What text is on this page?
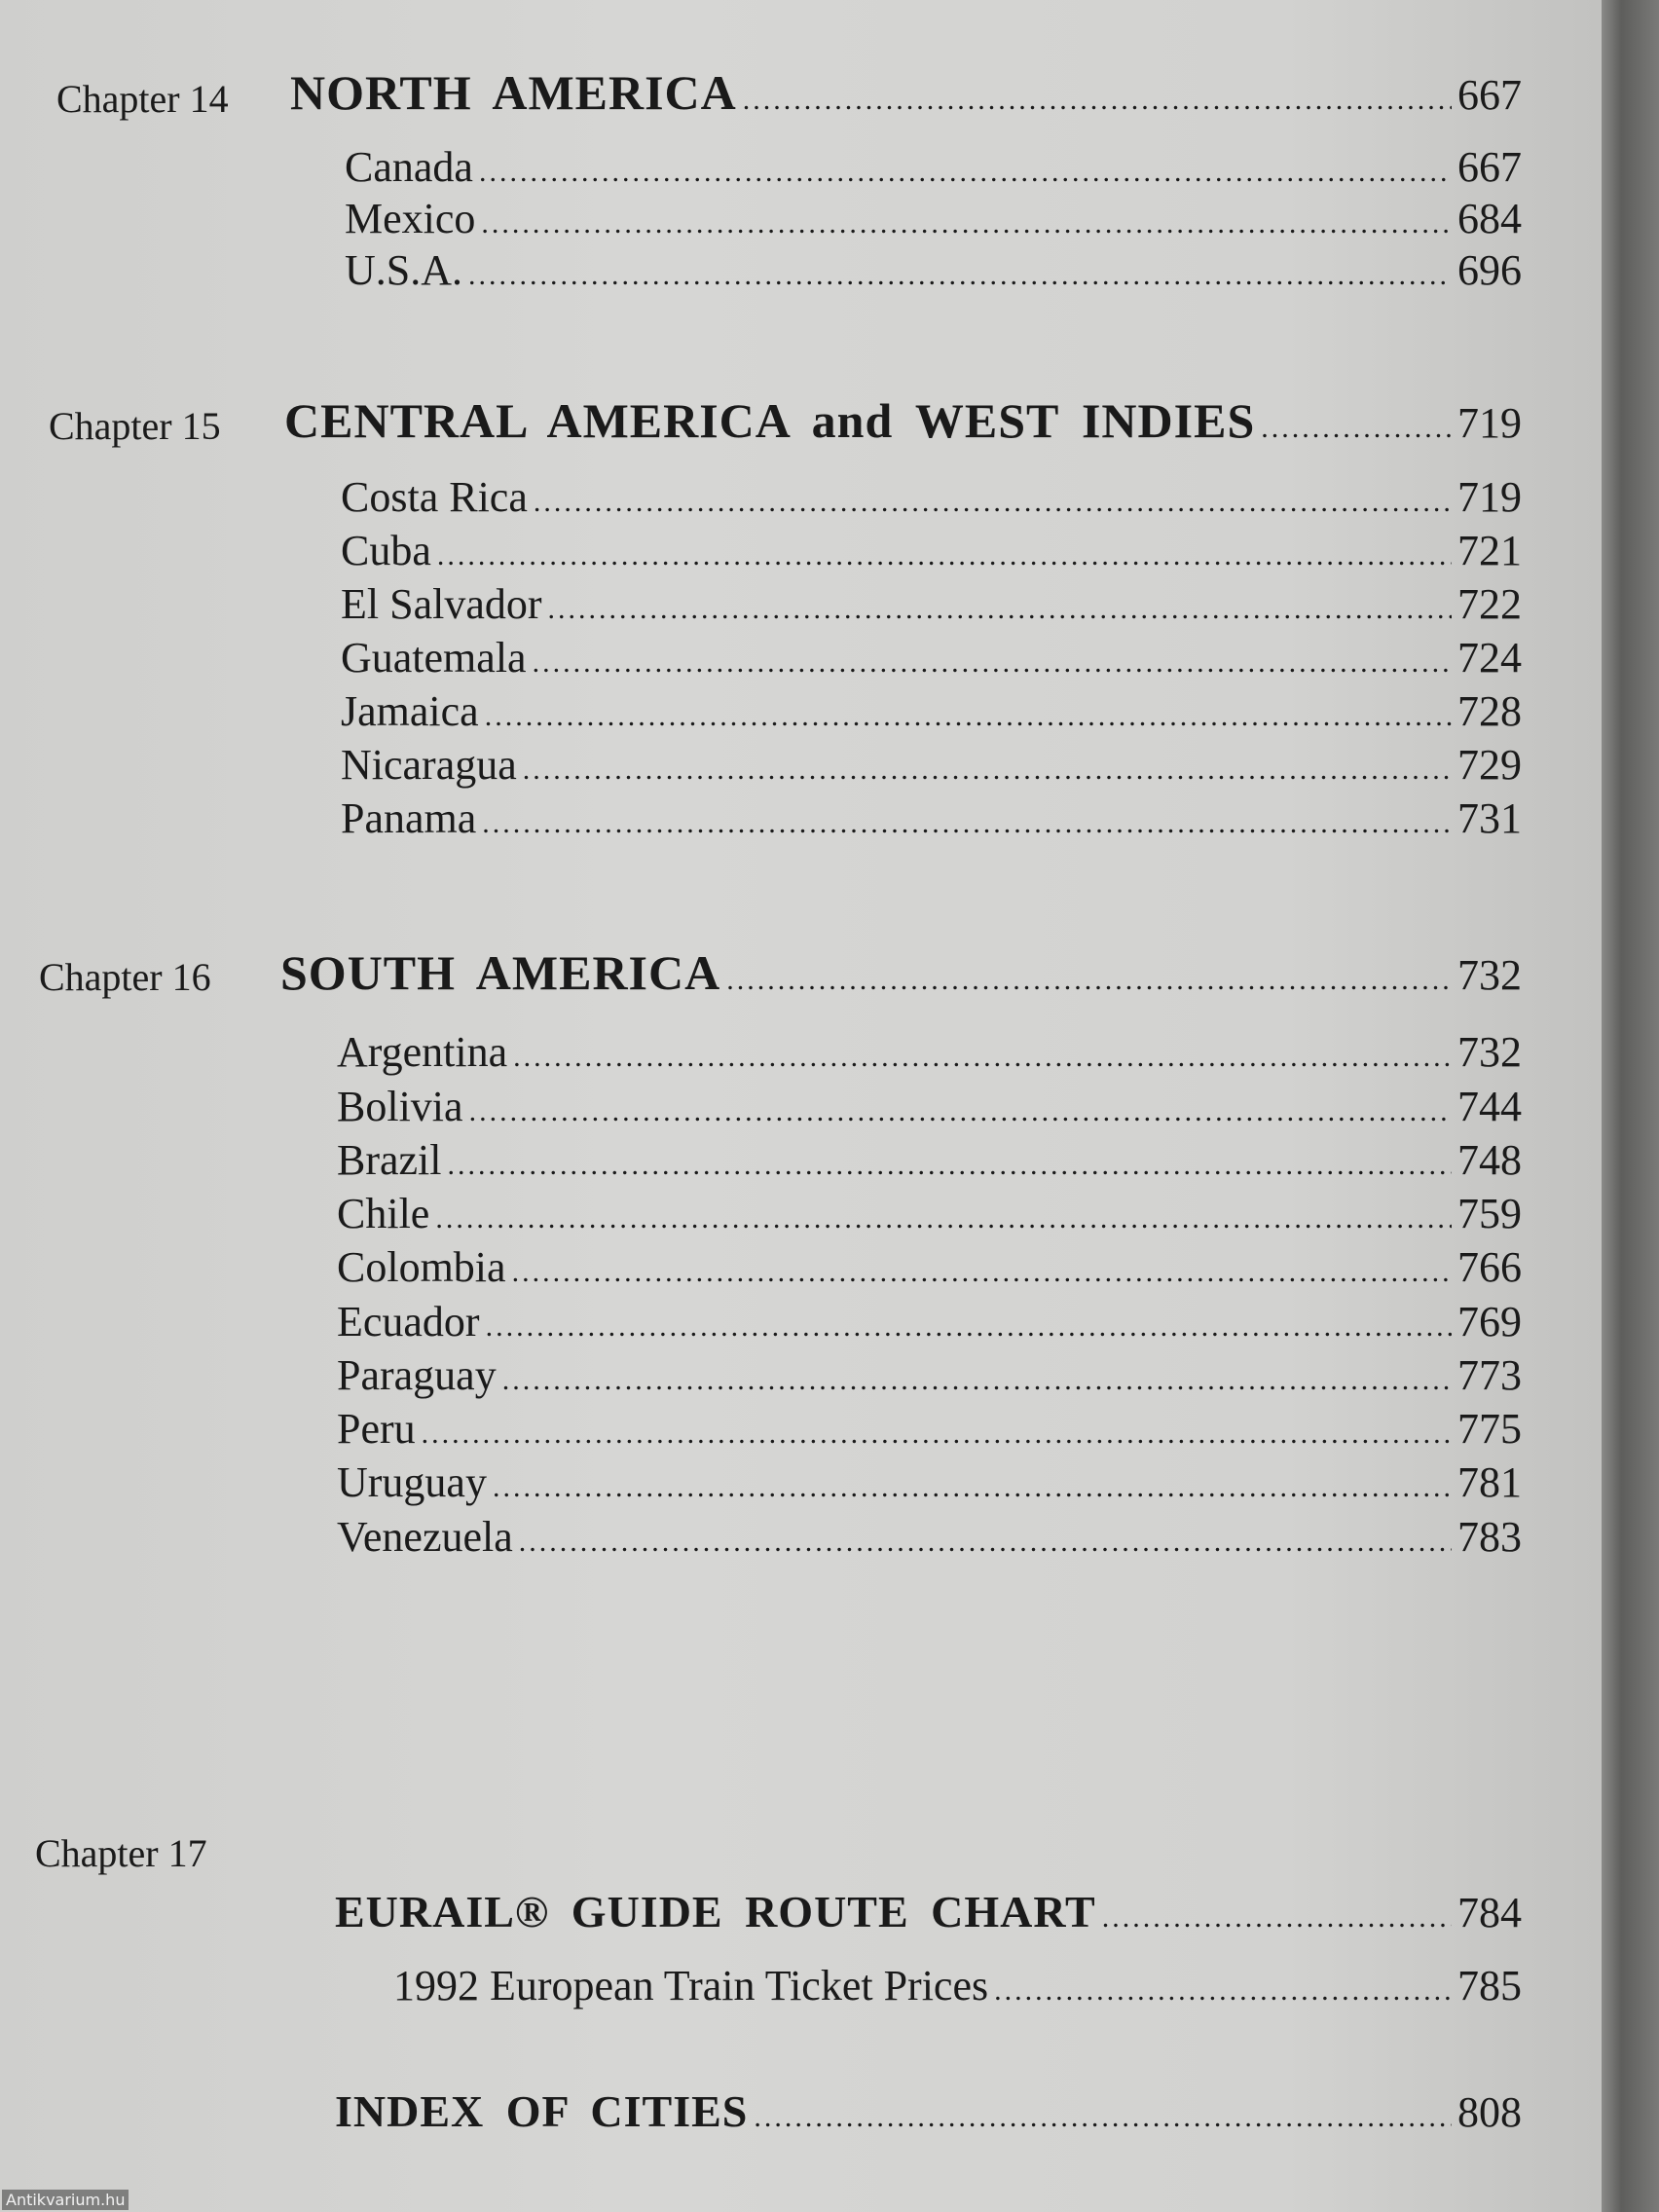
Chapter 14 NORTH AMERICA .....	667
Canada .....	667
Mexico .....	684
U.S.A. .....	696
Chapter 15 CENTRAL AMERICA and WEST INDIES .....	719
Costa Rica .....	719
Cuba .....	721
El Salvador .....	722
Guatemala .....	724
Jamaica .....	728
Nicaragua .....	729
Panama .....	731
Chapter 16 SOUTH AMERICA .....	732
Argentina .....	732
Bolivia .....	744
Brazil .....	748
Chile .....	759
Colombia .....	766
Ecuador .....	769
Paraguay .....	773
Peru .....	775
Uruguay .....	781
Venezuela .....	783
Chapter 17
EURAIL® GUIDE ROUTE CHART .....	784
1992 European Train Ticket Prices .....	785
INDEX OF CITIES .....	808
Antikvarium.hu
